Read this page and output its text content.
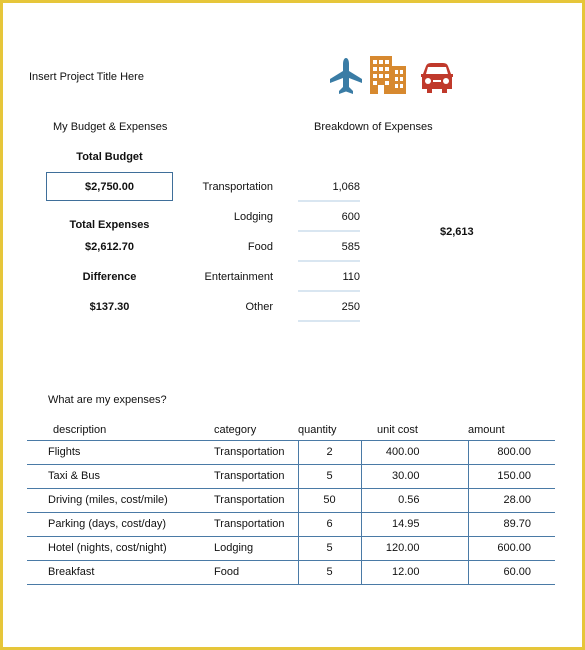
Insert Project Title Here
My Budget & Expenses
Total Budget
$2,750.00
Total Expenses
$2,612.70
Difference
$137.30
Breakdown of Expenses
Transportation	1,068
Lodging	600
Food	585
Entertainment	110
Other	250
$2,613
What are my expenses?
description	category	quantity	unit cost	amount
Flights	Transportation	2	400.00	800.00
Taxi & Bus	Transportation	5	30.00	150.00
Driving (miles, cost/mile)	Transportation	50	0.56	28.00
Parking (days, cost/day)	Transportation	6	14.95	89.70
Hotel (nights, cost/night)	Lodging	5	120.00	600.00
Breakfast	Food	5	12.00	60.00
